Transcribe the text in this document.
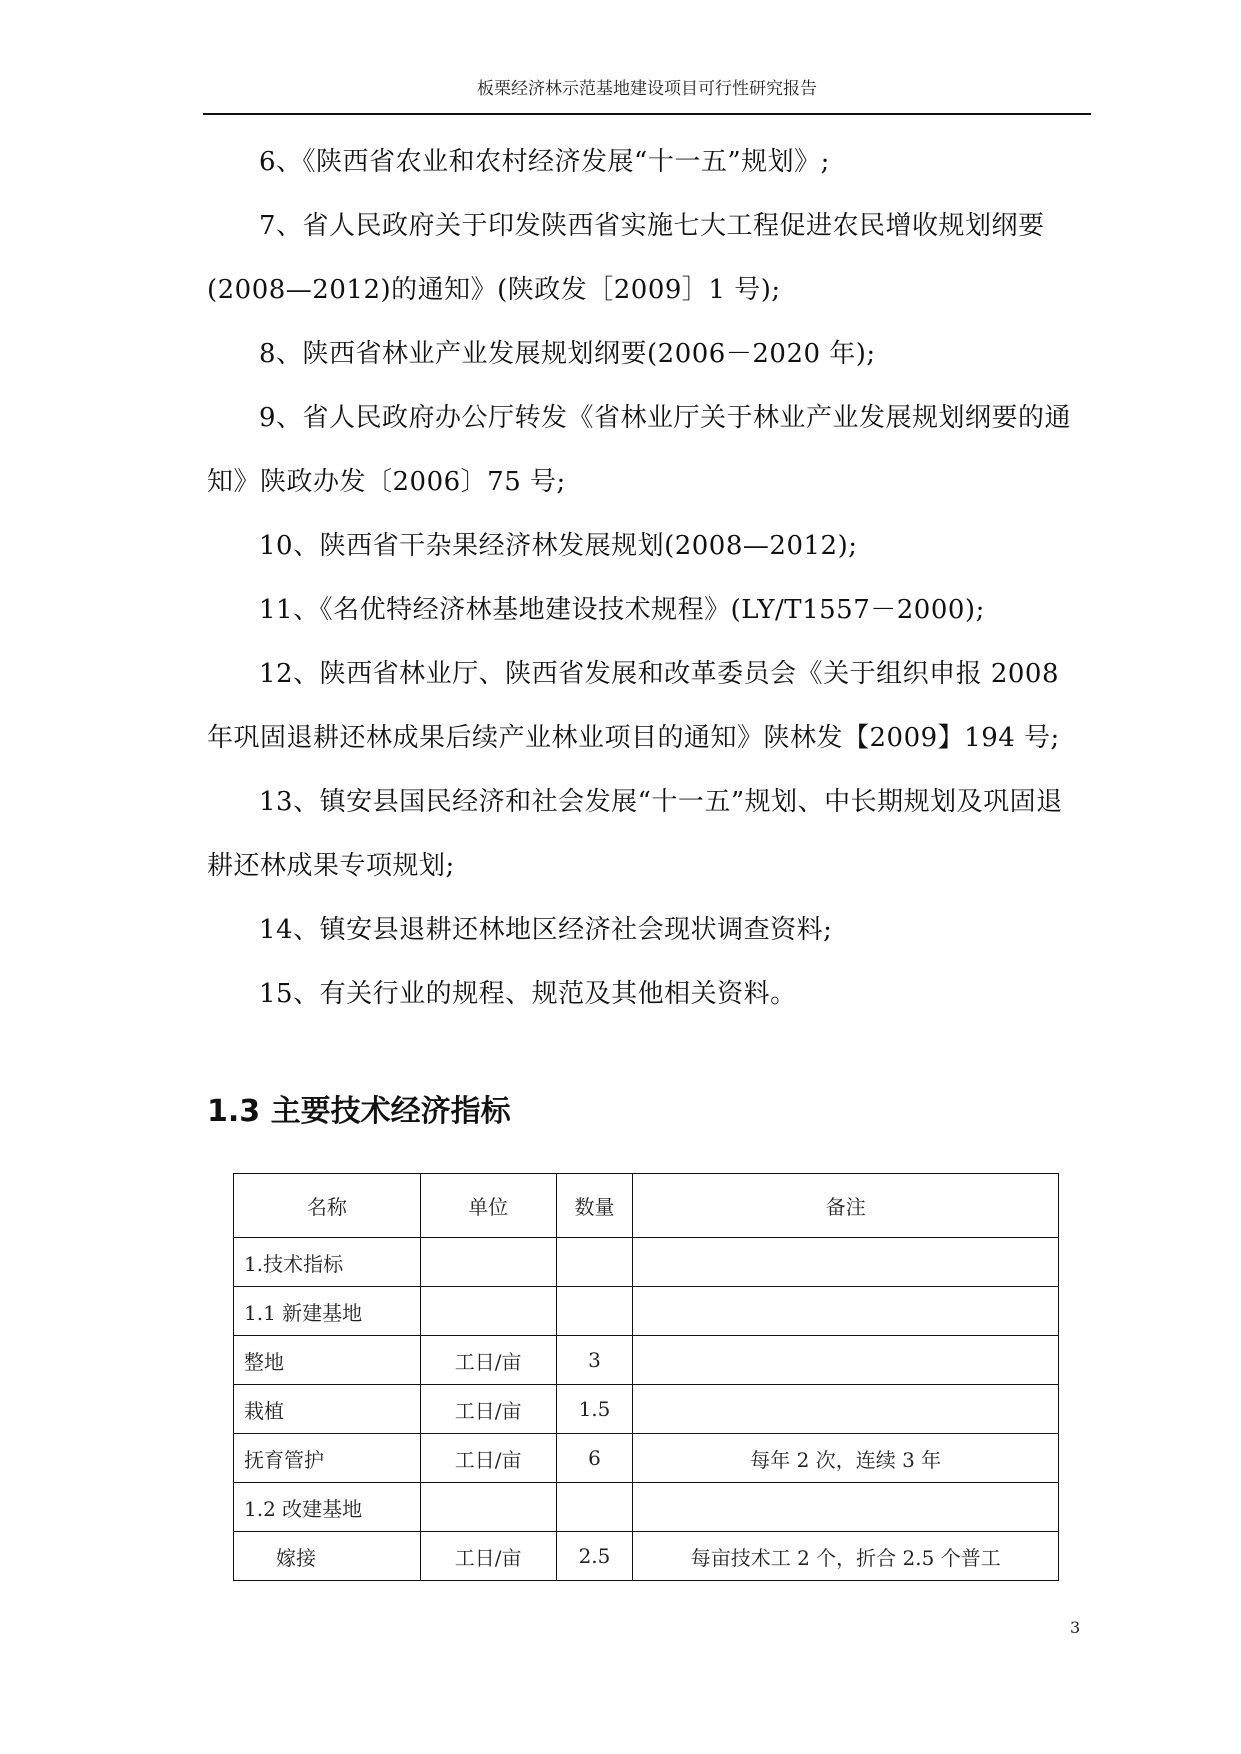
板栗经济林示范基地建设项目可行性研究报告

6、《陕西省农业和农村经济发展“十一五”规划》;

7、省人民政府关于印发陕西省实施七大工程促进农民增收规划纲要(2008—2012)的通知》(陕政发［2009］1 号);

8、陕西省林业产业发展规划纲要(2006－2020 年);

9、省人民政府办公厅转发《省林业厅关于林业产业发展规划纲要的通知》陕政办发〔2006〕75 号;

10、陕西省干杂果经济林发展规划(2008—2012);

11、《名优特经济林基地建设技术规程》(LY/T1557－2000);

12、陕西省林业厅、陕西省发展和改革委员会《关于组织申报 2008 年巩固退耕还林成果后续产业林业项目的通知》陕林发【2009】194 号;

13、镇安县国民经济和社会发展“十一五”规划、中长期规划及巩固退耕还林成果专项规划;

14、镇安县退耕还林地区经济社会现状调查资料;

15、有关行业的规程、规范及其他相关资料。

1.3 主要技术经济指标
名称	单位	数量	备注
1.技术指标			
1.1 新建基地			
整地	工日/亩	3	
栽植	工日/亩	1.5	
抚育管护	工日/亩	6	每年 2 次，连续 3 年
1.2 改建基地			
嫁接	工日/亩	2.5	每亩技术工 2 个，折合 2.5 个普工
3
